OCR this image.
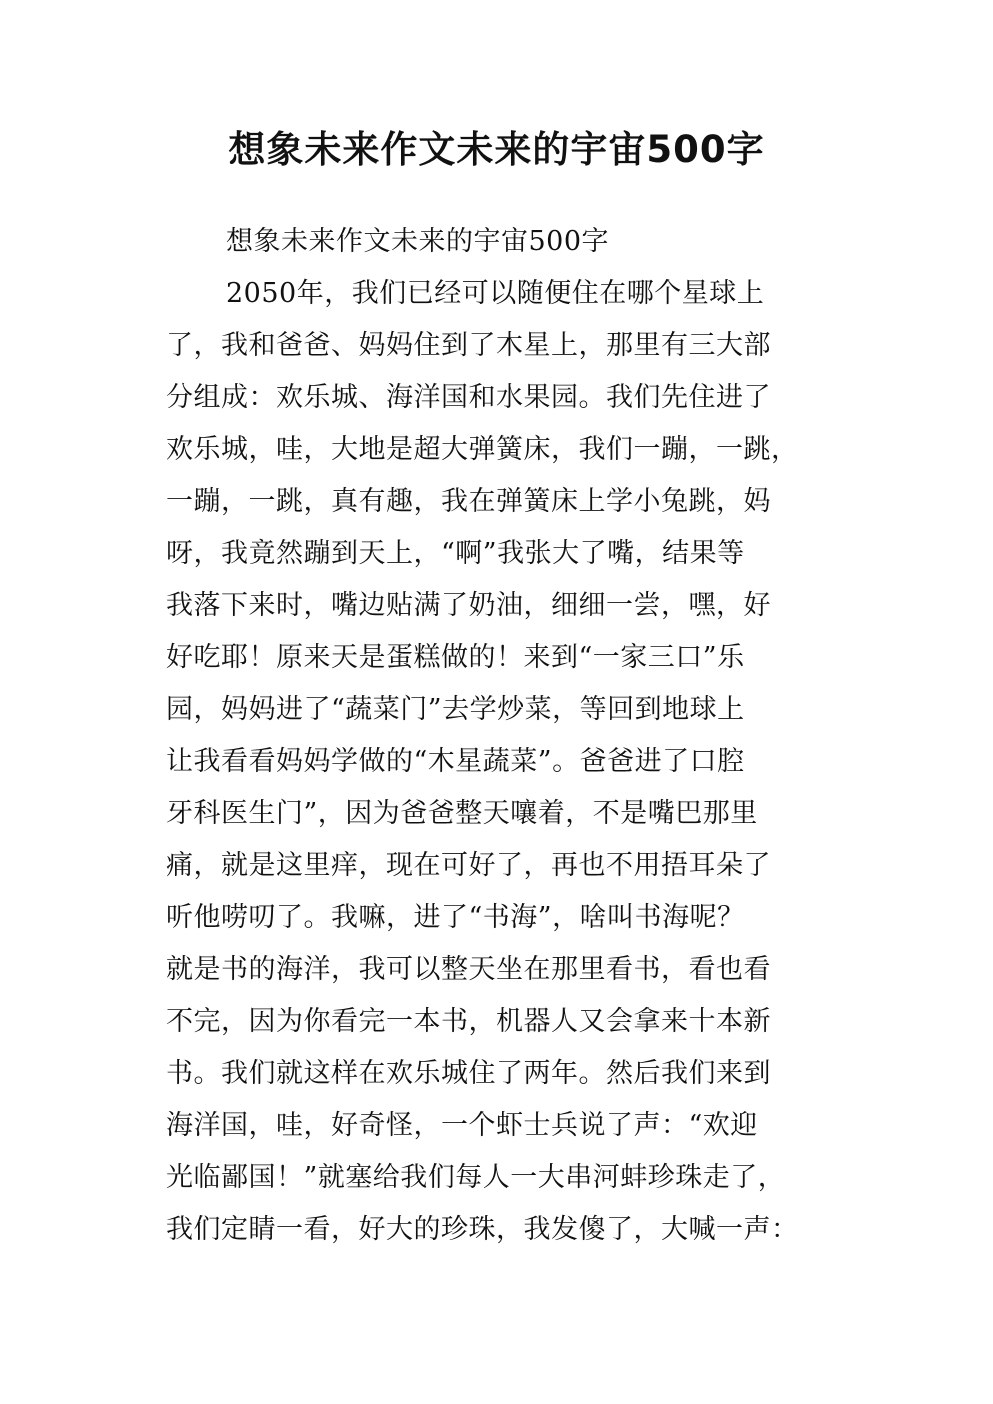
想象未来作文未来的宇宙500字
想象未来作文未来的宇宙500字
2050年，我们已经可以随便住在哪个星球上
了，我和爸爸、妈妈住到了木星上，那里有三大部
分组成：欢乐城、海洋国和水果园。我们先住进了
欢乐城，哇，大地是超大弹簧床，我们一蹦，一跳，
一蹦，一跳，真有趣，我在弹簧床上学小兔跳，妈
呀，我竟然蹦到天上，“啊”我张大了嘴，结果等
我落下来时，嘴边贴满了奶油，细细一尝，嘿，好
好吃耶！原来天是蛋糕做的！来到“一家三口”乐
园，妈妈进了“蔬菜门”去学炒菜，等回到地球上
让我看看妈妈学做的“木星蔬菜”。爸爸进了口腔
牙科医生门”，因为爸爸整天嚷着，不是嘴巴那里
痛，就是这里痒，现在可好了，再也不用捂耳朵了
听他唠叨了。我嘛，进了“书海”，啥叫书海呢？
就是书的海洋，我可以整天坐在那里看书，看也看
不完，因为你看完一本书，机器人又会拿来十本新
书。我们就这样在欢乐城住了两年。然后我们来到
海洋国，哇，好奇怪，一个虾士兵说了声：“欢迎
光临鄙国！”就塞给我们每人一大串河蚌珍珠走了，
我们定睛一看，好大的珍珠，我发傻了，大喊一声：
